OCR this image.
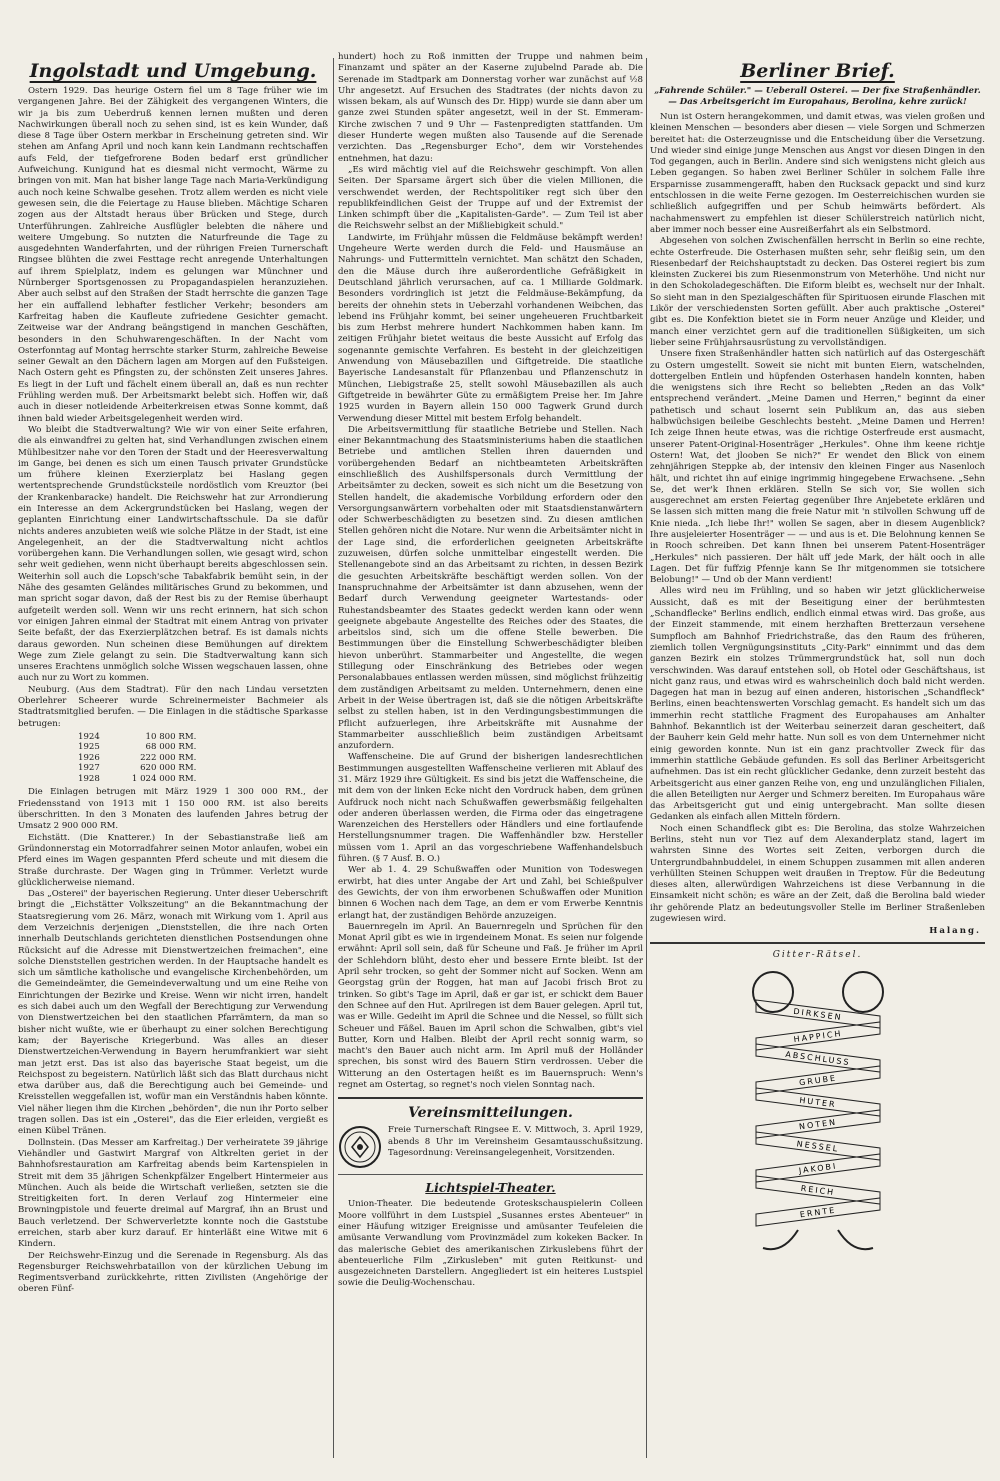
Ingolstadt und Umgebung.

Ostern 1929. Das heurige Ostern fiel um 8 Tage früher wie im vergangenen Jahre. Bei der Zähigkeit des vergangenen Winters, die wir ja bis zum Ueberdruß kennen lernen mußten und deren Nachwirkungen überall noch zu sehen sind, ist es kein Wunder, daß diese 8 Tage über Ostern merkbar in Erscheinung getreten sind. Wir stehen am Anfang April und noch kann kein Landmann rechtschaffen aufs Feld, der tiefgefrorene Boden bedarf erst gründlicher Aufweichung. Kunigund hat es diesmal nicht vermocht, Wärme zu bringen von mit. Man hat bisher lange Tage nach Maria-Verkündigung auch noch keine Schwalbe gesehen. Trotz allem werden es nicht viele gewesen sein, die die Feiertage zu Hause blieben. Mächtige Scharen zogen aus der Altstadt heraus über Brücken und Stege, durch Unterführungen. Zahlreiche Ausflügler belebten die nähere und weitere Umgebung. So nutzten die Naturfreunde die Tage zu ausgedehnten Wanderfahrten, und der rührigen Freien Turnerschaft Ringsee blühten die zwei Festtage recht anregende Unterhaltungen auf ihrem Spielplatz, indem es gelungen war Münchner und Nürnberger Sportsgenossen zu Propagandaspielen heranzuziehen. Aber auch selbst auf den Straßen der Stadt herrschte die ganzen Tage her ein auffallend lebhafter festlicher Verkehr; besonders am Karfreitag haben die Kaufleute zufriedene Gesichter gemacht. Zeitweise war der Andrang beängstigend in manchen Geschäften, besonders in den Schuhwarengeschäften. In der Nacht vom Osterfonntag auf Montag herrschte starker Sturm, zahlreiche Beweise seiner Gewalt an den Dächern lagen am Morgen auf den Fußsteigen. Nach Ostern geht es Pfingsten zu, der schönsten Zeit unseres Jahres. Es liegt in der Luft und fächelt einem überall an, daß es nun rechter Frühling werden muß. Der Arbeitsmarkt belebt sich. Hoffen wir, daß auch in dieser notleidende Arbeiterkreisen etwas Sonne kommt, daß ihnen bald wieder Arbeitsgelegenheit werden wird.

Wo bleibt die Stadtverwaltung? Wie wir von einer Seite erfahren, die als einwandfrei zu gelten hat, sind Verhandlungen zwischen einem Mühlbesitzer nahe vor den Toren der Stadt und der Heeresverwaltung im Gange, bei denen es sich um einen Tausch privater Grundstücke um frühere kleinen Exerzierplatz bei Haslang gegen wertentsprechende Grundstücksteile nordöstlich vom Kreuztor (bei der Krankenbaracke) handelt. Die Reichswehr hat zur Arrondierung ein Interesse an dem Ackergrundstücken bei Haslang, wegen der geplanten Einrichtung einer Landwirtschaftsschule. Da sie dafür nichts anderes anzubieten weiß wie solche Plätze in der Stadt, ist eine Angelegenheit, an der die Stadtverwaltung nicht achtlos vorübergehen kann. Die Verhandlungen sollen, wie gesagt wird, schon sehr weit gediehen, wenn nicht überhaupt bereits abgeschlossen sein. Weiterhin soll auch die Lopsch'sche Tabakfabrik bemüht sein, in der Nähe des gesamten Geländes militärisches Grund zu bekommen, und man spricht sogar davon, daß der Rest bis zu der Remise überhaupt aufgeteilt werden soll. Wenn wir uns recht erinnern, hat sich schon vor einigen Jahren einmal der Stadtrat mit einem Antrag von privater Seite befaßt, der das Exerzierplätzchen betraf. Es ist damals nichts daraus geworden. Nun scheinen diese Bemühungen auf direktem Wege zum Ziele gelangt zu sein. Die Stadtverwaltung kann sich unseres Erachtens unmöglich solche Wissen wegschauen lassen, ohne auch nur zu Wort zu kommen.

Neuburg. (Aus dem Stadtrat). Für den nach Lindau versetzten Oberlehrer Scheerer wurde Schreinermeister Bachmeier als Stadtratsmitglied berufen. — Die Einlagen in die städtische Sparkasse betrugen:

1924	10 800 RM.
1925	68 000 RM.
1926	222 000 RM.
1927	620 000 RM.
1928	1 024 000 RM.

Die Einlagen betrugen mit März 1929 1 300 000 RM., der Friedensstand von 1913 mit 1 150 000 RM. ist also bereits überschritten. In den 3 Monaten des laufenden Jahres betrug der Umsatz 2 900 000 RM.

Eichstätt. (Die Knatterer.) In der Sebastianstraße ließ am Gründonnerstag ein Motorradfahrer seinen Motor anlaufen, wobei ein Pferd eines im Wagen gespannten Pferd scheute und mit diesem die Straße durchraste. Der Wagen ging in Trümmer. Verletzt wurde glücklicherweise niemand.

Das „Osterei" der bayerischen Regierung. Unter dieser Ueberschrift bringt die „Eichstätter Volkszeitung" an die Bekanntmachung der Staatsregierung vom 26. März, wonach mit Wirkung vom 1. April aus dem Verzeichnis derjenigen „Dienststellen, die ihre nach Orten innerhalb Deutschlands gerichteten dienstlichen Postsendungen ohne Rücksicht auf die Adresse mit Dienstwertzeichen freimachen", eine solche Dienststellen gestrichen werden. In der Hauptsache handelt es sich um sämtliche katholische und evangelische Kirchenbehörden, um die Gemeindeämter, die Gemeindeverwaltung und um eine Reihe von Einrichtungen der Bezirke und Kreise. Wenn wir nicht irren, handelt es sich dabei auch um den Wegfall der Berechtigung zur Verwendung von Dienstwertzeichen bei den staatlichen Pfarrämtern, da man so bisher nicht wußte, wie er überhaupt zu einer solchen Berechtigung kam; der Bayerische Kriegerbund. Was alles an dieser Dienstwertzeichen-Verwendung in Bayern herumfrankiert war sieht man jetzt erst. Das ist also das bayerische Staat begeist, um die Reichspost zu begeistern. Natürlich läßt sich das Blatt durchaus nicht etwa darüber aus, daß die Berechtigung auch bei Gemeinde- und Kreisstellen weggefallen ist, wofür man ein Verständnis haben könnte. Viel näher liegen ihm die Kirchen „behörden", die nun ihr Porto selber tragen sollen. Das ist ein „Osterei", das die Eier erleiden, vergießt es einen Kübel Tränen.

Dollnstein. (Das Messer am Karfreitag.) Der verheiratete 39 jährige Viehändler und Gastwirt Margraf von Altkrelten geriet in der Bahnhofsrestauration am Karfreitag abends beim Kartenspielen in Streit mit dem 35 jährigen Schenkpfälzer Engelbert Hintermeier aus München. Auch als beide die Wirtschaft verließen, setzten sie die Streitigkeiten fort. In deren Verlauf zog Hintermeier eine Browningpistole und feuerte dreimal auf Margraf, ihn an Brust und Bauch verletzend. Der Schwerverletzte konnte noch die Gaststube erreichen, starb aber kurz darauf. Er hinterläßt eine Witwe mit 6 Kindern.

Der Reichswehr-Einzug und die Serenade in Regensburg. Als das Regensburger Reichswehrbataillon von der kürzlichen Uebung im Regimentsverband zurückkehrte, ritten Zivilisten (Angehörige der oberen Fünf-

hundert) hoch zu Roß inmitten der Truppe und nahmen beim Finanzamt und später an der Kaserne zujubelnd Parade ab. Die Serenade im Stadtpark am Donnerstag vorher war zunächst auf ½8 Uhr angesetzt. Auf Ersuchen des Stadtrates (der nichts davon zu wissen bekam, als auf Wunsch des Dr. Hipp) wurde sie dann aber um ganze zwei Stunden später angesetzt, weil in der St. Emmeram-Kirche zwischen 7 und 9 Uhr — Fastenpredigten stattfanden. Um dieser Hunderte wegen mußten also Tausende auf die Serenade verzichten. Das „Regensburger Echo", dem wir Vorstehendes entnehmen, hat dazu:

„Es wird mächtig viel auf die Reichswehr geschimpft. Von allen Seiten. Der Sparsame ärgert sich über die vielen Millionen, die verschwendet werden, der Rechtspolitiker regt sich über den republikfeindlichen Geist der Truppe auf und der Extremist der Linken schimpft über die „Kapitalisten-Garde". — Zum Teil ist aber die Reichswehr selbst an der Mißliebigkeit schuld."

Landwirte, im Frühjahr müssen die Feldmäuse bekämpft werden! Ungeheure Werte werden durch die Feld- und Hausmäuse an Nahrungs- und Futtermitteln vernichtet. Man schätzt den Schaden, den die Mäuse durch ihre außerordentliche Gefräßigkeit in Deutschland jährlich verursachen, auf ca. 1 Milliarde Goldmark. Besonders vordringlich ist jetzt die Feldmäuse-Bekämpfung, da bereits der ohnehin stets in Ueberzahl vorhandenen Weibchen, das lebend ins Frühjahr kommt, bei seiner ungeheueren Fruchtbarkeit bis zum Herbst mehrere hundert Nachkommen haben kann. Im zeitigen Frühjahr bietet weitaus die beste Aussicht auf Erfolg das sogenannte gemischte Verfahren. Es besteht in der gleichzeitigen Anwendung von Mäusebazillen und Giftgetreide. Die staatliche Bayerische Landesanstalt für Pflanzenbau und Pflanzenschutz in München, Liebigstraße 25, stellt sowohl Mäusebazillen als auch Giftgetreide in bewährter Güte zu ermäßigtem Preise her. Im Jahre 1925 wurden in Bayern allein 150 000 Tagwerk Grund durch Verwendung dieser Mittel mit bestem Erfolg behandelt.

Die Arbeitsvermittlung für staatliche Betriebe und Stellen. Nach einer Bekanntmachung des Staatsministeriums haben die staatlichen Betriebe und amtlichen Stellen ihren dauernden und vorübergehenden Bedarf an nichtbeamteten Arbeitskräften einschließlich des Aushilfspersonals durch Vermittlung der Arbeitsämter zu decken, soweit es sich nicht um die Besetzung von Stellen handelt, die akademische Vorbildung erfordern oder den Versorgungsanwärtern vorbehalten oder mit Staatsdienstanwärtern oder Schwerbeschädigten zu besetzen sind. Zu diesen amtlichen Stellen gehören nicht die Notare. Nur wenn die Arbeitsämter nicht in der Lage sind, die erforderlichen geeigneten Arbeitskräfte zuzuweisen, dürfen solche unmittelbar eingestellt werden. Die Stellenangebote sind an das Arbeitsamt zu richten, in dessen Bezirk die gesuchten Arbeitskräfte beschäftigt werden sollen. Von der Inanspruchnahme der Arbeitsämter ist dann abzusehen, wenn der Bedarf durch Verwendung geeigneter Wartestands- oder Ruhestandsbeamter des Staates gedeckt werden kann oder wenn geeignete abgebaute Angestellte des Reiches oder des Staates, die arbeitslos sind, sich um die offene Stelle bewerben. Die Bestimmungen über die Einstellung Schwerbeschädigter bleiben hievon unberührt. Stammarbeiter und Angestellte, die wegen Stillegung oder Einschränkung des Betriebes oder wegen Personalabbaues entlassen werden müssen, sind möglichst frühzeitig dem zuständigen Arbeitsamt zu melden. Unternehmern, denen eine Arbeit in der Weise übertragen ist, daß sie die nötigen Arbeitskräfte selbst zu stellen haben, ist in den Verdingungsbestimmungen die Pflicht aufzuerlegen, ihre Arbeitskräfte mit Ausnahme der Stammarbeiter ausschließlich beim zuständigen Arbeitsamt anzufordern.

Waffenscheine. Die auf Grund der bisherigen landesrechtlichen Bestimmungen ausgestellten Waffenscheine verlieren mit Ablauf des 31. März 1929 ihre Gültigkeit. Es sind bis jetzt die Waffenscheine, die mit dem von der linken Ecke nicht den Vordruck haben, dem grünen Aufdruck noch nicht nach Schußwaffen gewerbsmäßig feilgehalten oder anderen überlassen werden, die Firma oder das eingetragene Warenzeichen des Herstellers oder Händlers und eine fortlaufende Herstellungsnummer tragen. Die Waffenhändler bzw. Hersteller müssen vom 1. April an das vorgeschriebene Waffenhandelsbuch führen. (§ 7 Ausf. B. O.)

Wer ab 1. 4. 29 Schußwaffen oder Munition von Todeswegen erwirbt, hat dies unter Angabe der Art und Zahl, bei Schießpulver des Gewichts, der von ihm erworbenen Schußwaffen oder Munition binnen 6 Wochen nach dem Tage, an dem er vom Erwerbe Kenntnis erlangt hat, der zuständigen Behörde anzuzeigen.

Bauernregeln im April. An Bauernregeln und Sprüchen für den Monat April gibt es wie in irgendeinem Monat. Es seien nur folgende erwähnt: April soll sein, daß für Scheune und Faß. Je früher im April der Schlehdorn blüht, desto eher und bessere Ernte bleibt. Ist der April sehr trocken, so geht der Sommer nicht auf Socken. Wenn am Georgstag grün der Roggen, hat man auf Jacobi frisch Brot zu trinken. So gibt's Tage im April, daß er gar ist, er schickt dem Bauer den Schnee auf den Hut. Aprilregen ist dem Bauer gelegen. April tut, was er Wille. Gedeiht im April die Schnee und die Nessel, so füllt sich Scheuer und Fäßel. Bauen im April schon die Schwalben, gibt's viel Butter, Korn und Halben. Bleibt der April recht sonnig warm, so macht's den Bauer auch nicht arm. Im April muß der Holländer sprechen, bis sonst wird des Bauern Stirn verdrossen. Ueber die Witterung an den Ostertagen heißt es im Bauernspruch: Wenn's regnet am Ostertag, so regnet's noch vielen Sonntag nach.

Vereinsmitteilungen.

Freie Turnerschaft Ringsee E. V. Mittwoch, 3. April 1929, abends 8 Uhr im Vereinsheim Gesamtausschußsitzung. Tagesordnung: Vereinsangelegenheit, Vorsitzenden.

Lichtspiel-Theater.

Union-Theater. Die bedeutende Groteskschauspielerin Colleen Moore vollführt in dem Lustspiel „Susannes erstes Abenteuer" in einer Häufung witziger Ereignisse und amüsanter Teufeleien die amüsante Verwandlung vom Provinzmädel zum kokeken Backer. In das malerische Gebiet des amerikanischen Zirkuslebens führt der abenteuerliche Film „Zirkusleben" mit guten Reitkunst- und ausgezeichneten Darstellern. Angegliedert ist ein heiteres Lustspiel sowie die Deulig-Wochenschau.

Berliner Brief.

„Fahrende Schüler." — Ueberall Osterei. — Der fixe Straßenhändler. — Das Arbeitsgericht im Europahaus, Berolina, kehre zurück!

Nun ist Ostern herangekommen, und damit etwas, was vielen großen und kleinen Menschen — besonders aber diesen — viele Sorgen und Schmerzen bereitet hat: die Osterzeugnisse und die Entscheidung über die Versetzung. Und wieder sind einige junge Menschen aus Angst vor diesen Dingen in den Tod gegangen, auch in Berlin. Andere sind sich wenigstens nicht gleich aus Leben gegangen. So haben zwei Berliner Schüler in solchem Falle ihre Ersparnisse zusammengerafft, haben den Rucksack gepackt und sind kurz entschlossen in die weite Ferne gezogen. Im Oesterreichischen wurden sie schließlich aufgegriffen und per Schub heimwärts befördert. Als nachahmenswert zu empfehlen ist dieser Schülerstreich natürlich nicht, aber immer noch besser eine Ausreißerfahrt als ein Selbstmord.

Abgesehen von solchen Zwischenfällen herrscht in Berlin so eine rechte, echte Osterfreude. Die Osterhasen mußten sehr, sehr fleißig sein, um den Riesenbedarf der Reichshauptstadt zu decken. Das Osterei regiert bis zum kleinsten Zuckerei bis zum Riesenmonstrum von Meterhöhe. Und nicht nur in den Schokoladegeschäften. Die Eiform bleibt es, wechselt nur der Inhalt. So sieht man in den Spezialgeschäften für Spirituosen eirunde Flaschen mit Likör der verschiedensten Sorten gefüllt. Aber auch praktische „Osterei" gibt es. Die Konfektion bietet sie in Form neuer Anzüge und Kleider, und manch einer verzichtet gern auf die traditionellen Süßigkeiten, um sich lieber seine Frühjahrsausrüstung zu vervollständigen.

Unsere fixen Straßenhändler hatten sich natürlich auf das Ostergeschäft zu Ostern umgestellt. Soweit sie nicht mit bunten Eiern, watschelnden, dottergelben Entlein und hüpfenden Osterhasen handeln konnten, haben die wenigstens sich ihre Recht so beliebten „Reden an das Volk" entsprechend verändert. „Meine Damen und Herren," beginnt da einer pathetisch und schaut losernt sein Publikum an, das aus sieben halbwüchsigen beileibe Geschlechts besteht. „Meine Damen und Herren! Ich zeige Ihnen heute etwas, was die richtige Osterfreude erst ausmacht, unserer Patent-Original-Hosenträger „Herkules". Ohne ihm keene richtje Ostern! Wat, det jlooben Se nich?" Er wendet den Blick von einem zehnjährigen Steppke ab, der intensiv den kleinen Finger aus Nasenloch hält, und richtet ihn auf einige ingrimmig hingegebene Erwachsene. „Sehn Se, det wer'k Ihnen erklären. Stelln Se sich vor, Sie wollen sich ausgerechnet am ersten Feiertag gegenüber Ihre Anjebetete erklären und Se lassen sich mitten mang die freie Natur mit 'n stilvollen Schwung uff de Knie nieda. „Ich liebe Ihr!" wollen Se sagen, aber in diesem Augenblick? Ihre ausjeleierter Hosenträger — — und aus is et. Die Belohnung kennen Se in Rooch schreiben. Det kann Ihnen bei unserem Patent-Hosenträger „Herkules" nich passieren. Der hält uff jede Mark, der hält ooch in alle Lagen. Det für fuffzig Pfennje kann Se Ihr mitgenommen sie totsichere Belobung!" — Und ob der Mann verdient!

Alles wird neu im Frühling, und so haben wir jetzt glücklicherweise Aussicht, daß es mit der Beseitigung einer der berühmtesten „Schandflecke" Berlins endlich, endlich einmal etwas wird. Das große, aus der Einzeit stammende, mit einem herzhaften Bretterzaun versehene Sumpfloch am Bahnhof Friedrichstraße, das den Raum des früheren, ziemlich tollen Vergnügungsinstituts „City-Park" einnimmt und das dem ganzen Bezirk ein stolzes Trümmergrundstück hat, soll nun doch verschwinden. Was darauf entstehen soll, ob Hotel oder Geschäftshaus, ist nicht ganz raus, und etwas wird es wahrscheinlich doch bald nicht werden. Dagegen hat man in bezug auf einen anderen, historischen „Schandfleck" Berlins, einen beachtenswerten Vorschlag gemacht. Es handelt sich um das immerhin recht stattliche Fragment des Europahauses am Anhalter Bahnhof. Bekanntlich ist der Weiterbau seinerzeit daran gescheitert, daß der Bauherr kein Geld mehr hatte. Nun soll es von dem Unternehmer nicht einig geworden konnte. Nun ist ein ganz prachtvoller Zweck für das immerhin stattliche Gebäude gefunden. Es soll das Berliner Arbeitsgericht aufnehmen. Das ist ein recht glücklicher Gedanke, denn zurzeit besteht das Arbeitsgericht aus einer ganzen Reihe von, eng und unzulänglichen Filialen, die allen Beteiligten nur Aerger und Schmerz bereiten. Im Europahaus wäre das Arbeitsgericht gut und einig untergebracht. Man sollte diesen Gedanken als einfach allen Mitteln fördern.

Noch einen Schandfleck gibt es: Die Berolina, das stolze Wahrzeichen Berlins, steht nun vor Tiez auf dem Alexanderplatz stand, lagert im wahrsten Sinne des Wortes seit Zeiten, verborgen durch die Untergrundbahnbuddelei, in einem Schuppen zusammen mit allen anderen verhüllten Steinen Schuppen weit draußen in Treptow. Für die Bedeutung dieses alten, allerwürdigen Wahrzeichens ist diese Verbannung in die Einsamkeit nicht schön; es wäre an der Zeit, daß die Berolina bald wieder ihr gehörende Platz an bedeutungsvoller Stelle im Berliner Straßenleben zugewiesen wird.

Halang.
Gitter-Rätsel.
DIRKSEN
HAPPICH
ABSCHLUSS
GRUBE
HUTER
NOTEN
NESSEL
JAKOBI
REICH
ERNTE
